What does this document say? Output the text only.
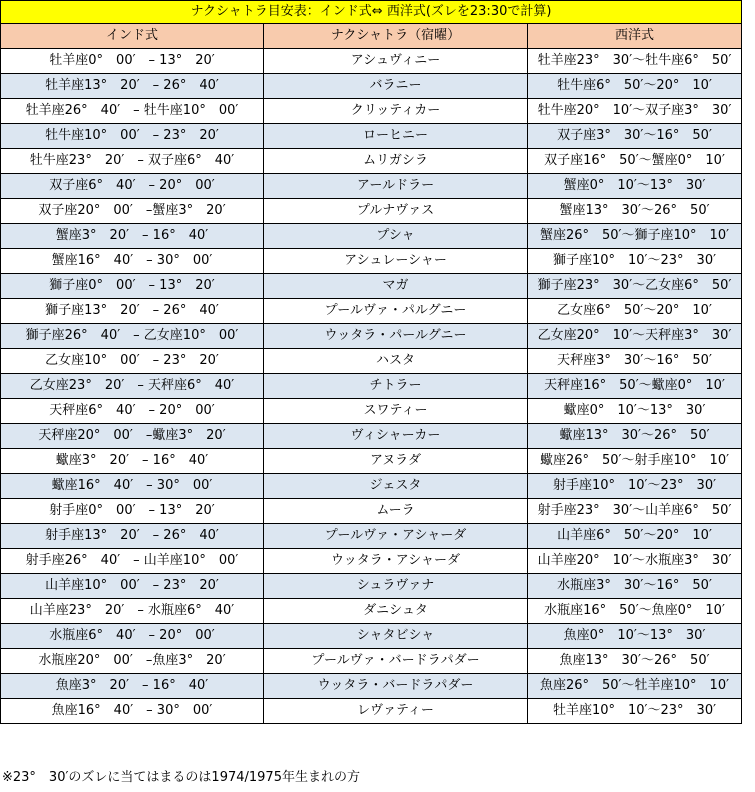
ナクシャトラ目安表：インド式⇔ 西洋式(ズレを23:30で計算)		
インド式	ナクシャトラ（宿曜）	西洋式
牡羊座0°　00′　– 13°　20′	アシュヴィニー	牡羊座23°　30′～牡牛座6°　50′
牡羊座13°　20′　– 26°　40′	バラニー	牡牛座6°　50′～20°　10′
牡羊座26°　40′　– 牡牛座10°　00′	クリッティカー	牡牛座20°　10′～双子座3°　30′
牡牛座10°　00′　– 23°　20′	ローヒニー	双子座3°　30′～16°　50′
牡牛座23°　20′　– 双子座6°　40′	ムリガシラ	双子座16°　50′～蟹座0°　10′
双子座6°　40′　– 20°　00′	アールドラー	蟹座0°　10′～13°　30′
双子座20°　00′　–蟹座3°　20′	プルナヴァス	蟹座13°　30′～26°　50′
蟹座3°　20′　– 16°　40′	プシャ	蟹座26°　50′～獅子座10°　10′
蟹座16°　40′　– 30°　00′	アシュレーシャー	獅子座10°　10′～23°　30′
獅子座0°　00′　– 13°　20′	マガ	獅子座23°　30′～乙女座6°　50′
獅子座13°　20′　– 26°　40′	プールヴァ・パルグニー	乙女座6°　50′～20°　10′
獅子座26°　40′　– 乙女座10°　00′	ウッタラ・パールグニー	乙女座20°　10′～天秤座3°　30′
乙女座10°　00′　– 23°　20′	ハスタ	天秤座3°　30′～16°　50′
乙女座23°　20′　– 天秤座6°　40′	チトラー	天秤座16°　50′～蠍座0°　10′
天秤座6°　40′　– 20°　00′	スワティー	蠍座0°　10′～13°　30′
天秤座20°　00′　–蠍座3°　20′	ヴィシャーカー	蠍座13°　30′～26°　50′
蠍座3°　20′　– 16°　40′	アヌラダ	蠍座26°　50′～射手座10°　10′
蠍座16°　40′　– 30°　00′	ジェスタ	射手座10°　10′～23°　30′
射手座0°　00′　– 13°　20′	ムーラ	射手座23°　30′～山羊座6°　50′
射手座13°　20′　– 26°　40′	プールヴァ・アシャーダ	山羊座6°　50′～20°　10′
射手座26°　40′　– 山羊座10°　00′	ウッタラ・アシャーダ	山羊座20°　10′～水瓶座3°　30′
山羊座10°　00′　– 23°　20′	シュラヴァナ	水瓶座3°　30′～16°　50′
山羊座23°　20′　– 水瓶座6°　40′	ダニシュタ	水瓶座16°　50′～魚座0°　10′
水瓶座6°　40′　– 20°　00′	シャタビシャ	魚座0°　10′～13°　30′
水瓶座20°　00′　–魚座3°　20′	プールヴァ・バードラパダー	魚座13°　30′～26°　50′
魚座3°　20′　– 16°　40′	ウッタラ・バードラパダー	魚座26°　50′～牡羊座10°　10′
魚座16°　40′　– 30°　00′	レヴァティー	牡羊座10°　10′～23°　30′
※23°　30′のズレに当てはまるのは1974/1975年生まれの方
